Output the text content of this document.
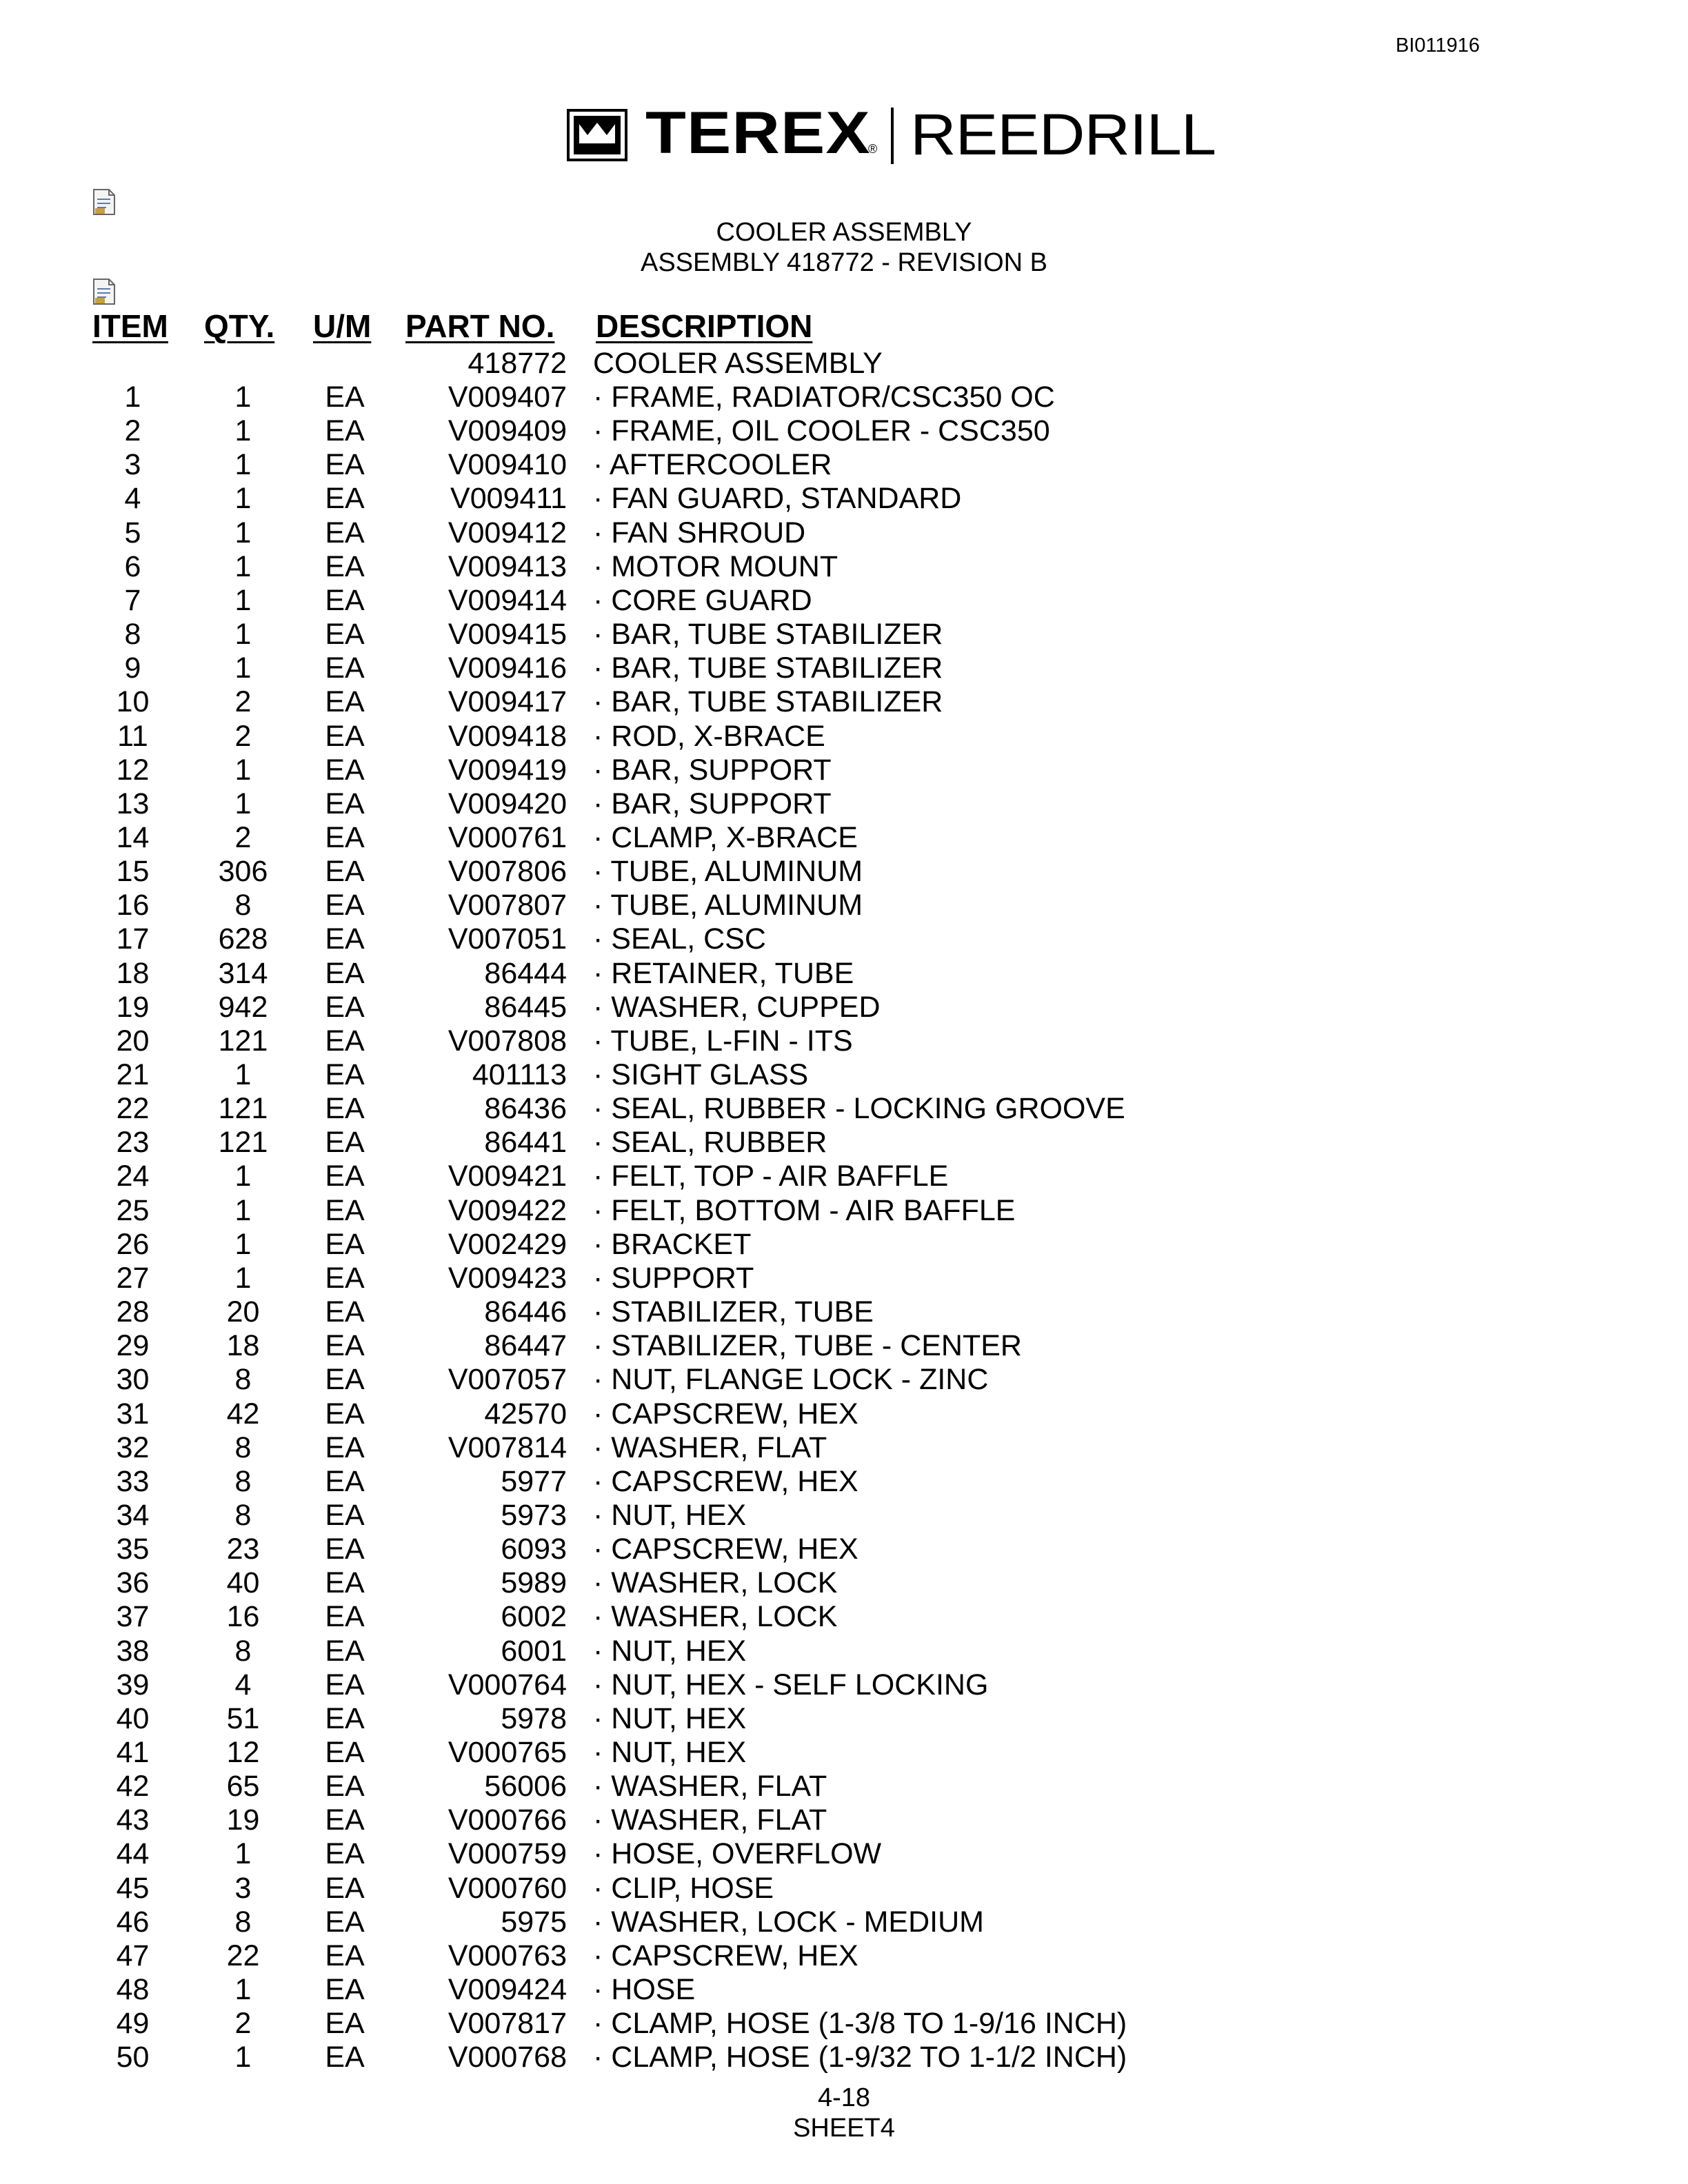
BI011916
TEREX
® REEDRILL
COOLER ASSEMBLY
ASSEMBLY 418772 - REVISION B
ITEM QTY. U/M PART NO. DESCRIPTION
418772 COOLER ASSEMBLY
1	1	EA	V009407 · FRAME, RADIATOR/CSC350 OC
2	1	EA	V009409 · FRAME, OIL COOLER - CSC350
3	1	EA	V009410 · AFTERCOOLER
4	1	EA	V009411 · FAN GUARD, STANDARD
5	1	EA	V009412 · FAN SHROUD
6	1	EA	V009413 · MOTOR MOUNT
7	1	EA	V009414 · CORE GUARD
8	1	EA	V009415 · BAR, TUBE STABILIZER
9	1	EA	V009416 · BAR, TUBE STABILIZER
10	2	EA	V009417 · BAR, TUBE STABILIZER
11	2	EA	V009418 · ROD, X-BRACE
12	1	EA	V009419 · BAR, SUPPORT
13	1	EA	V009420 · BAR, SUPPORT
14	2	EA	V000761 · CLAMP, X-BRACE
15	306	EA	V007806 · TUBE, ALUMINUM
16	8	EA	V007807 · TUBE, ALUMINUM
17	628	EA	V007051 · SEAL, CSC
18	314	EA	86444 · RETAINER, TUBE
19	942	EA	86445 · WASHER, CUPPED
20	121	EA	V007808 · TUBE, L-FIN - ITS
21	1	EA	401113 · SIGHT GLASS
22	121	EA	86436 · SEAL, RUBBER - LOCKING GROOVE
23	121	EA	86441 · SEAL, RUBBER
24	1	EA	V009421 · FELT, TOP - AIR BAFFLE
25	1	EA	V009422 · FELT, BOTTOM - AIR BAFFLE
26	1	EA	V002429 · BRACKET
27	1	EA	V009423 · SUPPORT
28	20	EA	86446 · STABILIZER, TUBE
29	18	EA	86447 · STABILIZER, TUBE - CENTER
30	8	EA	V007057 · NUT, FLANGE LOCK - ZINC
31	42	EA	42570 · CAPSCREW, HEX
32	8	EA	V007814 · WASHER, FLAT
33	8	EA	5977 · CAPSCREW, HEX
34	8	EA	5973 · NUT, HEX
35	23	EA	6093 · CAPSCREW, HEX
36	40	EA	5989 · WASHER, LOCK
37	16	EA	6002 · WASHER, LOCK
38	8	EA	6001 · NUT, HEX
39	4	EA	V000764 · NUT, HEX - SELF LOCKING
40	51	EA	5978 · NUT, HEX
41	12	EA	V000765 · NUT, HEX
42	65	EA	56006 · WASHER, FLAT
43	19	EA	V000766 · WASHER, FLAT
44	1	EA	V000759 · HOSE, OVERFLOW
45	3	EA	V000760 · CLIP, HOSE
46	8	EA	5975 · WASHER, LOCK - MEDIUM
47	22	EA	V000763 · CAPSCREW, HEX
48	1	EA	V009424 · HOSE
49	2	EA	V007817 · CLAMP, HOSE (1-3/8 TO 1-9/16 INCH)
50	1	EA	V000768 · CLAMP, HOSE (1-9/32 TO 1-1/2 INCH)
4-18
SHEET4
